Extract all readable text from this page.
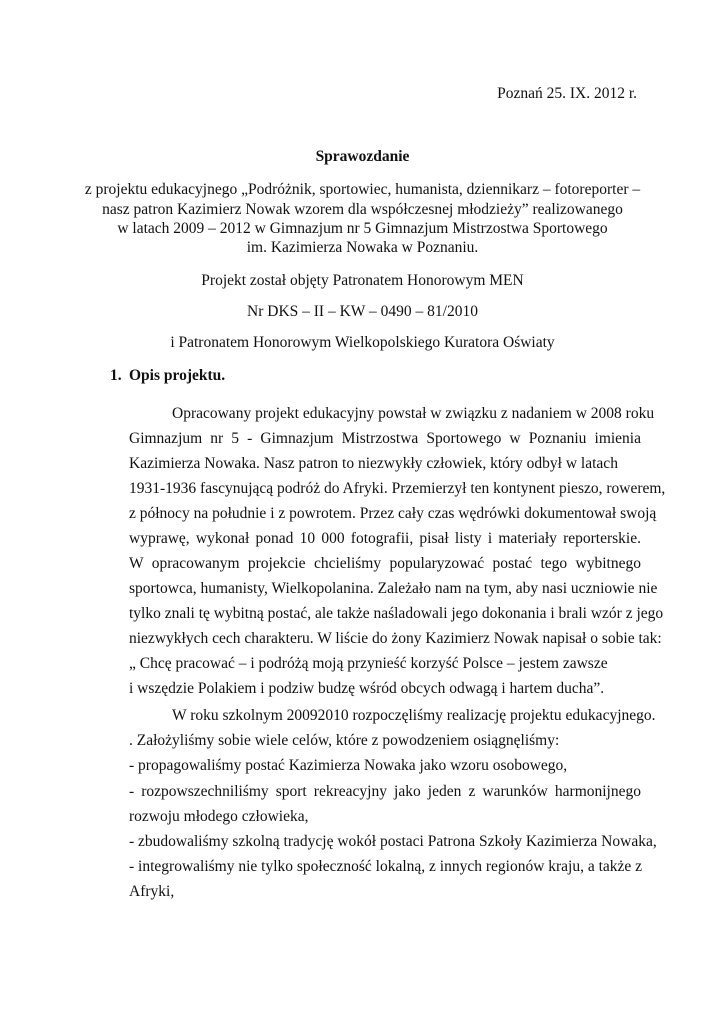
Poznań 25. IX. 2012 r.
Sprawozdanie
z projektu edukacyjnego „Podróżnik, sportowiec, humanista, dziennikarz – fotoreporter –
nasz patron Kazimierz Nowak wzorem dla współczesnej młodzieży” realizowanego
w latach 2009 – 2012 w Gimnazjum nr 5 Gimnazjum Mistrzostwa Sportowego
im. Kazimierza Nowaka w Poznaniu.
Projekt został objęty Patronatem Honorowym MEN
Nr DKS – II – KW – 0490 – 81/2010
i Patronatem Honorowym Wielkopolskiego Kuratora Oświaty
1. Opis projektu.
Opracowany projekt edukacyjny powstał w związku z nadaniem w 2008 roku
Gimnazjum nr 5 - Gimnazjum Mistrzostwa Sportowego w Poznaniu imienia
Kazimierza Nowaka. Nasz patron to niezwykły człowiek, który odbył w latach
1931-1936 fascynującą podróż do Afryki. Przemierzył ten kontynent pieszo, rowerem,
z północy na południe i z powrotem. Przez cały czas wędrówki dokumentował swoją
wyprawę, wykonał ponad 10 000 fotografii, pisał listy i materiały reporterskie.
W opracowanym projekcie chcieliśmy popularyzować postać tego wybitnego
sportowca, humanisty, Wielkopolanina. Zależało nam na tym, aby nasi uczniowie nie
tylko znali tę wybitną postać, ale także naśladowali jego dokonania i brali wzór z jego
niezwykłych cech charakteru. W liście do żony Kazimierz Nowak napisał o sobie tak:
„ Chcę pracować – i podróżą moją przynieść korzyść Polsce – jestem zawsze
i wszędzie Polakiem i podziw budzę wśród obcych odwagą i hartem ducha”.
W roku szkolnym 20092010 rozpoczęliśmy realizację projektu edukacyjnego.
. Założyliśmy sobie wiele celów, które z powodzeniem osiągnęliśmy:
- propagowaliśmy postać Kazimierza Nowaka jako wzoru osobowego,
- rozpowszechniliśmy sport rekreacyjny jako jeden z warunków harmonijnego
rozwoju młodego człowieka,
- zbudowaliśmy szkolną tradycję wokół postaci Patrona Szkoły Kazimierza Nowaka,
- integrowaliśmy nie tylko społeczność lokalną, z innych regionów kraju, a także z
Afryki,
